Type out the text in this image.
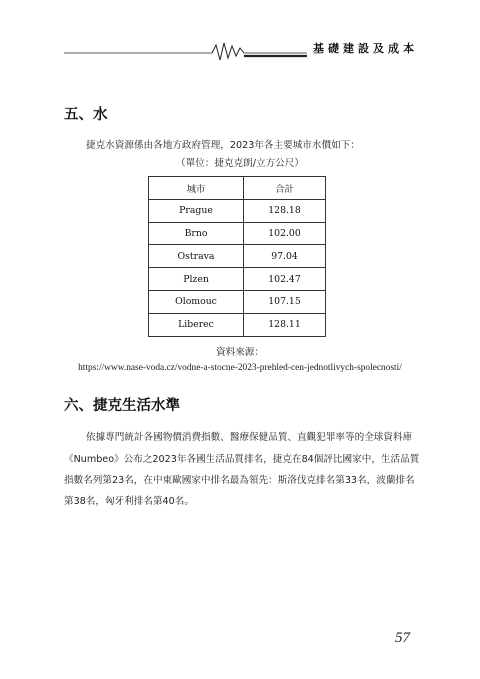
基礎建設及成本
五、水
捷克水資源係由各地方政府管理，2023年各主要城市水價如下：
（單位：捷克克朗/立方公尺）
城市	合計
Prague	128.18
Brno	102.00
Ostrava	97.04
Plzen	102.47
Olomouc	107.15
Liberec	128.11
資料來源：
https://www.nase-voda.cz/vodne-a-stocne-2023-prehled-cen-jednotlivych-spolecnosti/
六、捷克生活水準
依據專門統計各國物價消費指數、醫療保健品質、直觀犯罪率等的全球資料庫
《Numbeo》公布之2023年各國生活品質排名，捷克在84個評比國家中，生活品質
指數名列第23名，在中東歐國家中排名最為領先：斯洛伐克排名第33名，波蘭排名
第38名，匈牙利排名第40名。
57
